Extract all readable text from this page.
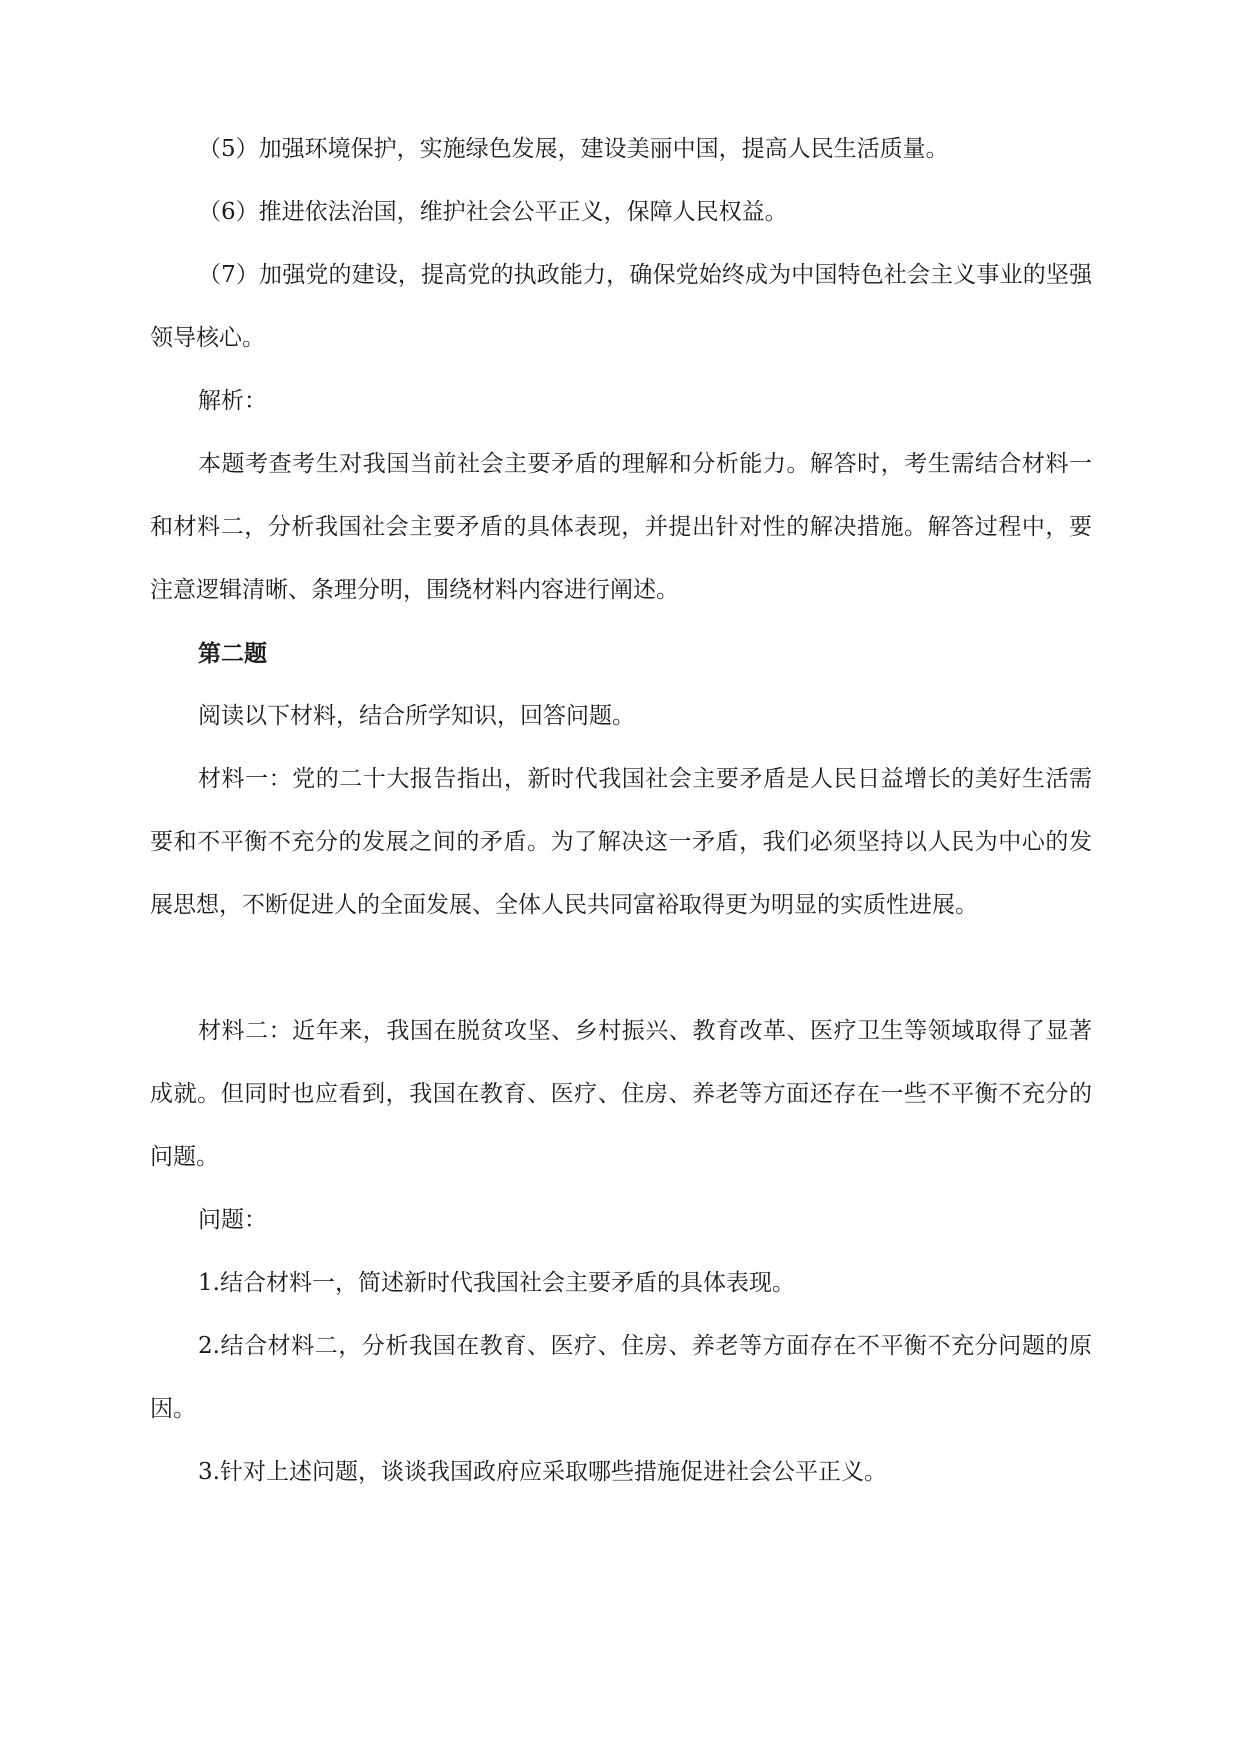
（5）加强环境保护，实施绿色发展，建设美丽中国，提高人民生活质量。

（6）推进依法治国，维护社会公平正义，保障人民权益。

（7）加强党的建设，提高党的执政能力，确保党始终成为中国特色社会主义事业的坚强领导核心。

解析：

本题考查考生对我国当前社会主要矛盾的理解和分析能力。解答时，考生需结合材料一和材料二，分析我国社会主要矛盾的具体表现，并提出针对性的解决措施。解答过程中，要注意逻辑清晰、条理分明，围绕材料内容进行阐述。

第二题

阅读以下材料，结合所学知识，回答问题。

材料一：党的二十大报告指出，新时代我国社会主要矛盾是人民日益增长的美好生活需要和不平衡不充分的发展之间的矛盾。为了解决这一矛盾，我们必须坚持以人民为中心的发展思想，不断促进人的全面发展、全体人民共同富裕取得更为明显的实质性进展。

材料二：近年来，我国在脱贫攻坚、乡村振兴、教育改革、医疗卫生等领域取得了显著成就。但同时也应看到，我国在教育、医疗、住房、养老等方面还存在一些不平衡不充分的问题。

问题：

1.结合材料一，简述新时代我国社会主要矛盾的具体表现。

2.结合材料二，分析我国在教育、医疗、住房、养老等方面存在不平衡不充分问题的原因。

3.针对上述问题，谈谈我国政府应采取哪些措施促进社会公平正义。
